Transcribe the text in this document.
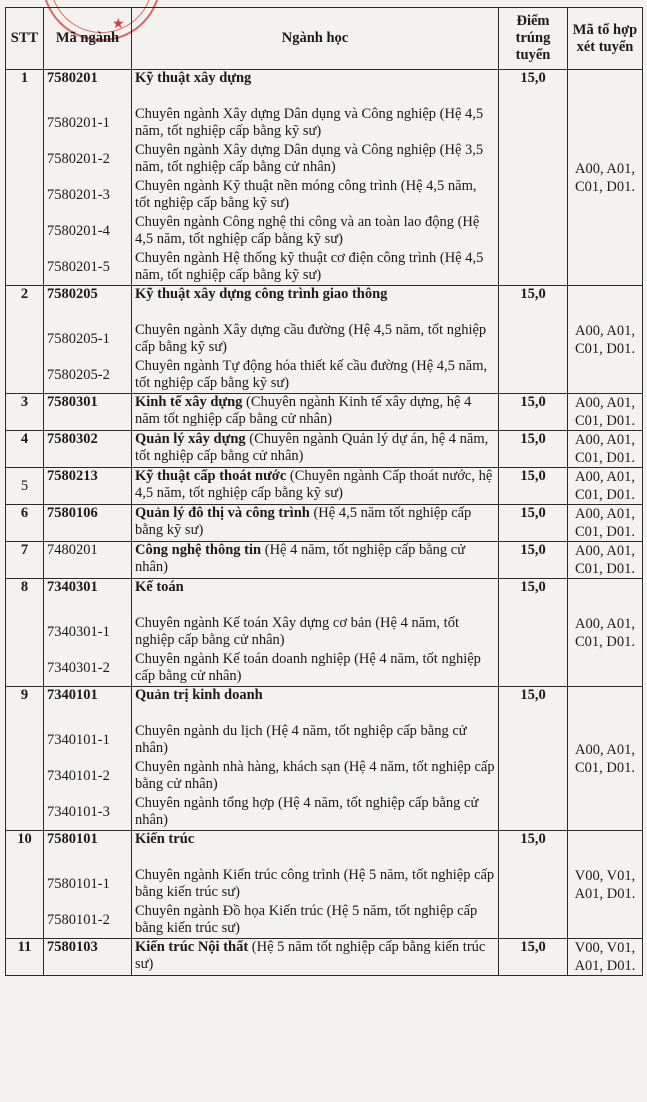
★
STT	Mã ngành	Ngành học	Điểm trúng tuyển	Mã tổ hợp xét tuyển
1	7580201	Kỹ thuật xây dựng	15,0	A00, A01, C01, D01.
	7580201-1	Chuyên ngành Xây dựng Dân dụng và Công nghiệp (Hệ 4,5 năm, tốt nghiệp cấp bằng kỹ sư)		
	7580201-2	Chuyên ngành Xây dựng Dân dụng và Công nghiệp (Hệ 3,5 năm, tốt nghiệp cấp bằng cử nhân)		
	7580201-3	Chuyên ngành Kỹ thuật nền móng công trình (Hệ 4,5 năm, tốt nghiệp cấp bằng kỹ sư)		
	7580201-4	Chuyên ngành Công nghệ thi công và an toàn lao động (Hệ 4,5 năm, tốt nghiệp cấp bằng kỹ sư)		
	7580201-5	Chuyên ngành Hệ thống kỹ thuật cơ điện công trình (Hệ 4,5 năm, tốt nghiệp cấp bằng kỹ sư)		
2	7580205	Kỹ thuật xây dựng công trình giao thông	15,0	A00, A01, C01, D01.
	7580205-1	Chuyên ngành Xây dựng cầu đường (Hệ 4,5 năm, tốt nghiệp cấp bằng kỹ sư)		
	7580205-2	Chuyên ngành Tự động hóa thiết kế cầu đường (Hệ 4,5 năm, tốt nghiệp cấp bằng kỹ sư)		
3	7580301	Kinh tế xây dựng (Chuyên ngành Kinh tế xây dựng, hệ 4 năm tốt nghiệp cấp bằng cử nhân)	15,0	A00, A01, C01, D01.
4	7580302	Quản lý xây dựng (Chuyên ngành Quản lý dự án, hệ 4 năm, tốt nghiệp cấp bằng cử nhân)	15,0	A00, A01, C01, D01.
5	7580213	Kỹ thuật cấp thoát nước (Chuyên ngành Cấp thoát nước, hệ 4,5 năm, tốt nghiệp cấp bằng kỹ sư)	15,0	A00, A01, C01, D01.
6	7580106	Quản lý đô thị và công trình (Hệ 4,5 năm tốt nghiệp cấp bằng kỹ sư)	15,0	A00, A01, C01, D01.
7	7480201	Công nghệ thông tin (Hệ 4 năm, tốt nghiệp cấp bằng cử nhân)	15,0	A00, A01, C01, D01.
8	7340301	Kế toán	15,0	A00, A01, C01, D01.
	7340301-1	Chuyên ngành Kế toán Xây dựng cơ bản (Hệ 4 năm, tốt nghiệp cấp bằng cử nhân)		
	7340301-2	Chuyên ngành Kế toán doanh nghiệp (Hệ 4 năm, tốt nghiệp cấp bằng cử nhân)		
9	7340101	Quản trị kinh doanh	15,0	A00, A01, C01, D01.
	7340101-1	Chuyên ngành du lịch (Hệ 4 năm, tốt nghiệp cấp bằng cử nhân)		
	7340101-2	Chuyên ngành nhà hàng, khách sạn (Hệ 4 năm, tốt nghiệp cấp bằng cử nhân)		
	7340101-3	Chuyên ngành tổng hợp (Hệ 4 năm, tốt nghiệp cấp bằng cử nhân)		
10	7580101	Kiến trúc	15,0	V00, V01, A01, D01.
	7580101-1	Chuyên ngành Kiến trúc công trình (Hệ 5 năm, tốt nghiệp cấp bằng kiến trúc sư)		
	7580101-2	Chuyên ngành Đồ họa Kiến trúc (Hệ 5 năm, tốt nghiệp cấp bằng kiến trúc sư)		
11	7580103	Kiến trúc Nội thất (Hệ 5 năm tốt nghiệp cấp bằng kiến trúc sư)	15,0	V00, V01, A01, D01.
